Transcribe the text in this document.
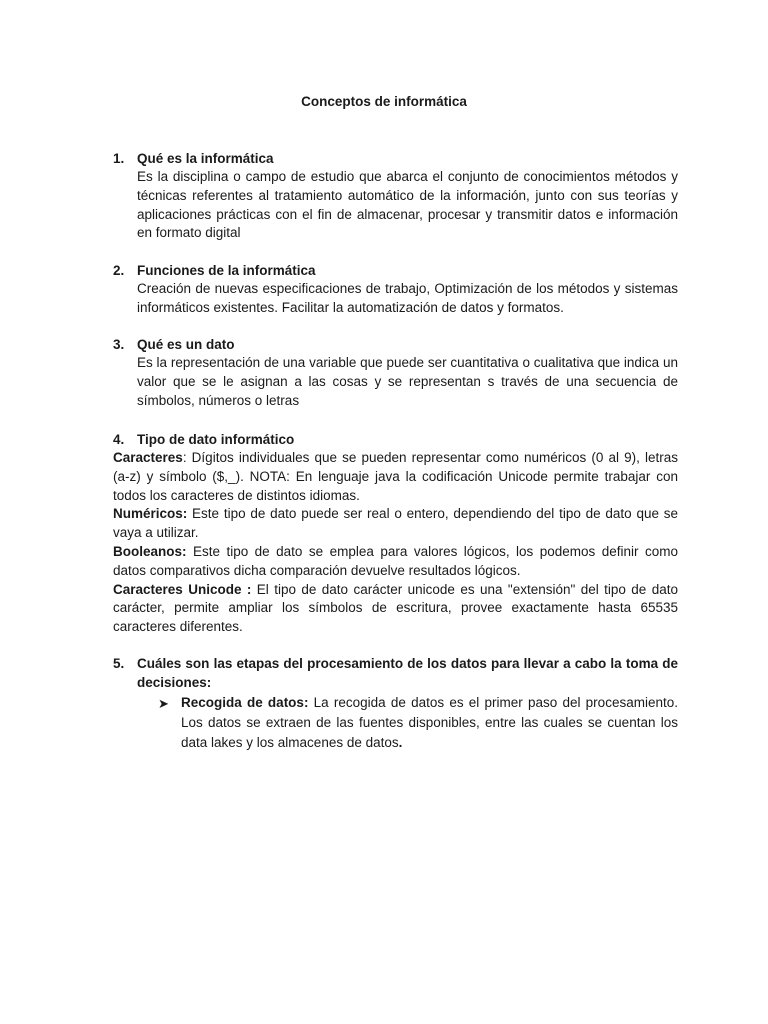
Conceptos de informática
1. Qué es la informática
Es la disciplina o campo de estudio que abarca el conjunto de conocimientos métodos y técnicas referentes al tratamiento automático de la información, junto con sus teorías y aplicaciones prácticas con el fin de almacenar, procesar y transmitir datos e información en formato digital
2. Funciones de la informática
Creación de nuevas especificaciones de trabajo, Optimización de los métodos y sistemas informáticos existentes. Facilitar la automatización de datos y formatos.
3. Qué es un dato
Es la representación de una variable que puede ser cuantitativa o cualitativa que indica un valor que se le asignan a las cosas y se representan s través de una secuencia de símbolos, números o letras
4. Tipo de dato informático
Caracteres: Dígitos individuales que se pueden representar como numéricos (0 al 9), letras (a-z) y símbolo ($,_). NOTA: En lenguaje java la codificación Unicode permite trabajar con todos los caracteres de distintos idiomas.
Numéricos: Este tipo de dato puede ser real o entero, dependiendo del tipo de dato que se vaya a utilizar.
Booleanos: Este tipo de dato se emplea para valores lógicos, los podemos definir como datos comparativos dicha comparación devuelve resultados lógicos.
Caracteres Unicode : El tipo de dato carácter unicode es una "extensión" del tipo de dato carácter, permite ampliar los símbolos de escritura, provee exactamente hasta 65535 caracteres diferentes.
5. Cuáles son las etapas del procesamiento de los datos para llevar a cabo la toma de decisiones:
➤ Recogida de datos: La recogida de datos es el primer paso del procesamiento. Los datos se extraen de las fuentes disponibles, entre las cuales se cuentan los data lakes y los almacenes de datos.
